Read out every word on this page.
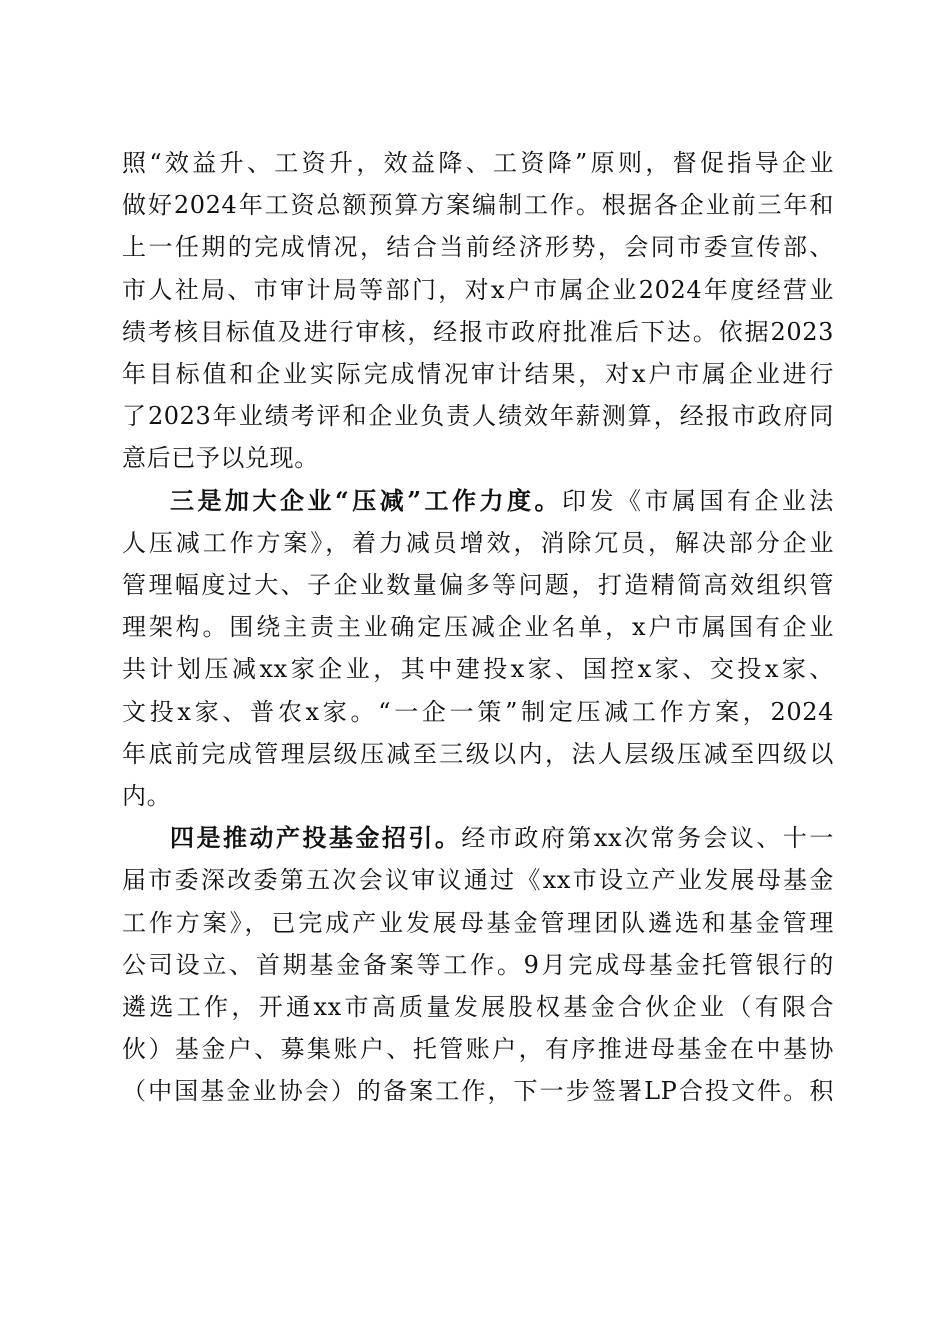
照“效益升、工资升，效益降、工资降”原则，督促指导企业
做好2024年工资总额预算方案编制工作。根据各企业前三年和
上一任期的完成情况，结合当前经济形势，会同市委宣传部、
市人社局、市审计局等部门，对x户市属企业2024年度经营业
绩考核目标值及进行审核，经报市政府批准后下达。依据2023
年目标值和企业实际完成情况审计结果，对x户市属企业进行
了2023年业绩考评和企业负责人绩效年薪测算，经报市政府同
意后已予以兑现。

三是加大企业“压减”工作力度。印发《市属国有企业法
人压减工作方案》，着力减员增效，消除冗员，解决部分企业
管理幅度过大、子企业数量偏多等问题，打造精简高效组织管
理架构。围绕主责主业确定压减企业名单，x户市属国有企业
共计划压减xx家企业，其中建投x家、国控x家、交投x家、
文投x家、普农x家。“一企一策”制定压减工作方案，2024
年底前完成管理层级压减至三级以内，法人层级压减至四级以
内。

四是推动产投基金招引。经市政府第xx次常务会议、十一
届市委深改委第五次会议审议通过《xx市设立产业发展母基金
工作方案》，已完成产业发展母基金管理团队遴选和基金管理
公司设立、首期基金备案等工作。9月完成母基金托管银行的
遴选工作，开通xx市高质量发展股权基金合伙企业（有限合
伙）基金户、募集账户、托管账户，有序推进母基金在中基协
（中国基金业协会）的备案工作，下一步签署LP合投文件。积
